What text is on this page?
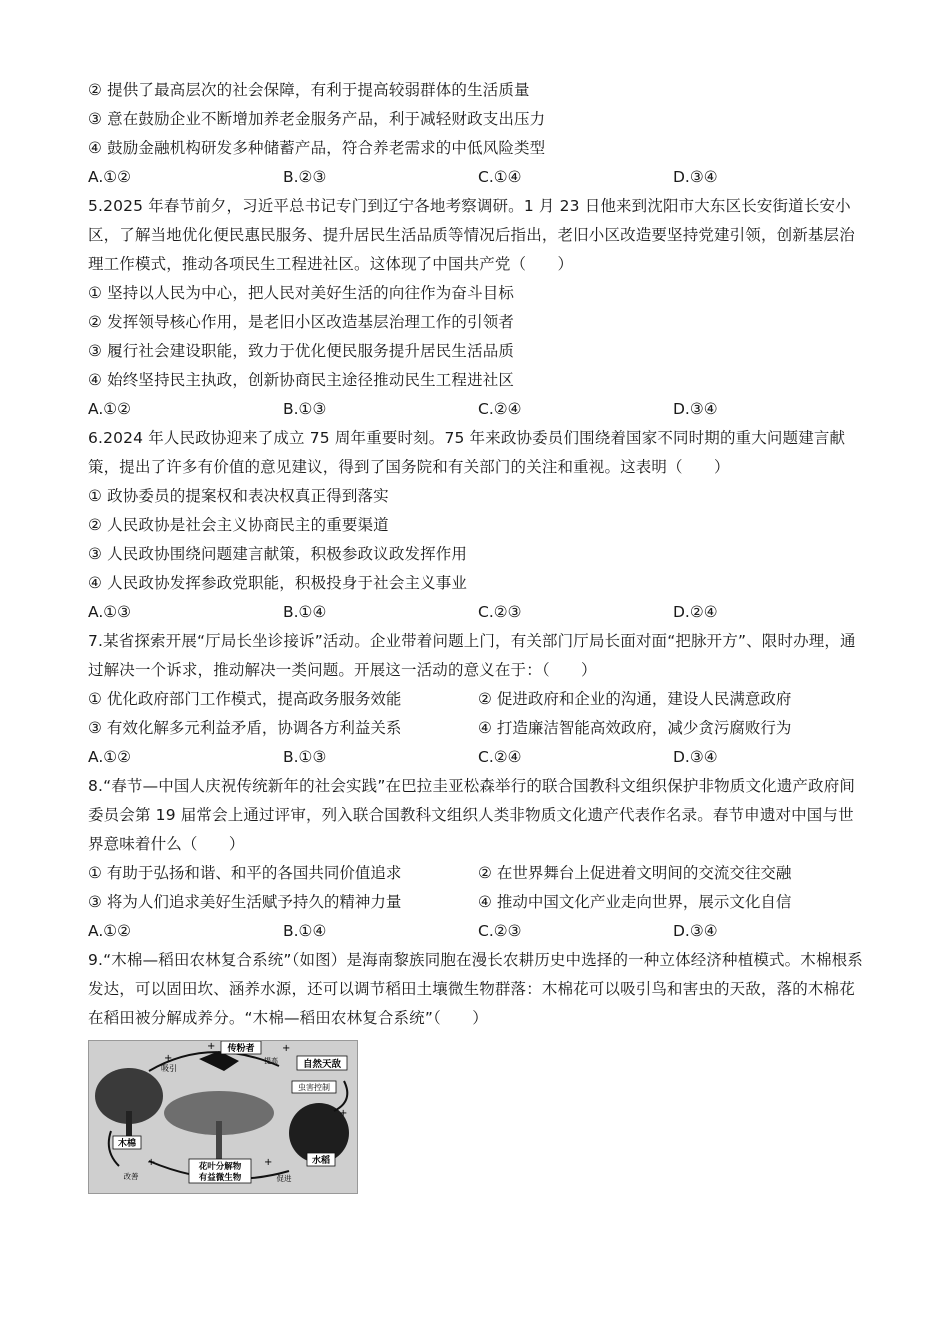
② 提供了最高层次的社会保障，有利于提高较弱群体的生活质量
③ 意在鼓励企业不断增加养老金服务产品，利于减轻财政支出压力
④ 鼓励金融机构研发多种储蓄产品，符合养老需求的中低风险类型
A.①②	B.②③	C.①④	D.③④
5.2025 年春节前夕，习近平总书记专门到辽宁各地考察调研。1 月 23 日他来到沈阳市大东区长安街道长安小区，了解当地优化便民惠民服务、提升居民生活品质等情况后指出，老旧小区改造要坚持党建引领，创新基层治理工作模式，推动各项民生工程进社区。这体现了中国共产党（　　）
① 坚持以人民为中心，把人民对美好生活的向往作为奋斗目标
② 发挥领导核心作用，是老旧小区改造基层治理工作的引领者
③ 履行社会建设职能，致力于优化便民服务提升居民生活品质
④ 始终坚持民主执政，创新协商民主途径推动民生工程进社区
A.①②	B.①③	C.②④	D.③④
6.2024 年人民政协迎来了成立 75 周年重要时刻。75 年来政协委员们围绕着国家不同时期的重大问题建言献策，提出了许多有价值的意见建议，得到了国务院和有关部门的关注和重视。这表明（　　）
① 政协委员的提案权和表决权真正得到落实
② 人民政协是社会主义协商民主的重要渠道
③ 人民政协围绕问题建言献策，积极参政议政发挥作用
④ 人民政协发挥参政党职能，积极投身于社会主义事业
A.①③	B.①④	C.②③	D.②④
7.某省探索开展“厅局长坐诊接诉”活动。企业带着问题上门，有关部门厅局长面对面“把脉开方”、限时办理，通过解决一个诉求，推动解决一类问题。开展这一活动的意义在于：（　　）
① 优化政府部门工作模式，提高政务服务效能	② 促进政府和企业的沟通，建设人民满意政府
③ 有效化解多元利益矛盾，协调各方利益关系	④ 打造廉洁智能高效政府，减少贪污腐败行为
A.①②	B.①③	C.②④	D.③④
8.“春节—中国人庆祝传统新年的社会实践”在巴拉圭亚松森举行的联合国教科文组织保护非物质文化遗产政府间委员会第 19 届常会上通过评审，列入联合国教科文组织人类非物质文化遗产代表作名录。春节申遗对中国与世界意味着什么（　　）
① 有助于弘扬和谐、和平的各国共同价值追求	② 在世界舞台上促进着文明间的交流交往交融
③ 将为人们追求美好生活赋予持久的精神力量	④ 推动中国文化产业走向世界，展示文化自信
A.①②	B.①④	C.②③	D.③④
9.“木棉—稻田农林复合系统”（如图）是海南黎族同胞在漫长农耕历史中选择的一种立体经济种植模式。木棉根系发达，可以固田坎、涵养水源，还可以调节稻田土壤微生物群落：木棉花可以吸引鸟和害虫的天敌，落的木棉花在稻田被分解成养分。“木棉—稻田农林复合系统”（　　）
传粉者
吸引
提高	自然天敌
虫害控制
木棉
水稻
花叶分解物
有益微生物
改善	促进
+	+
+
+	+
+
